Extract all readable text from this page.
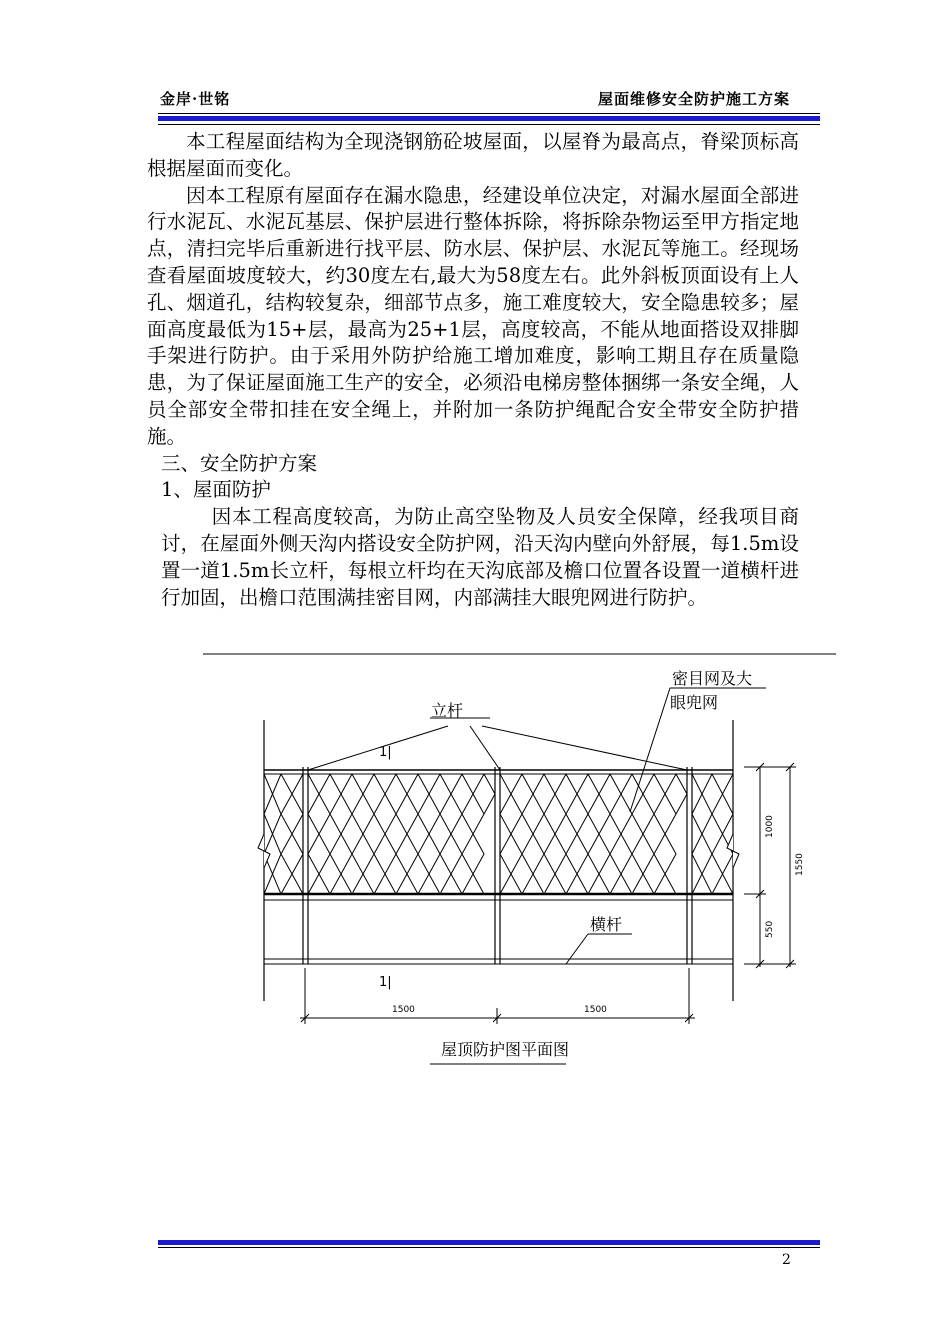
金岸·世铭	屋面维修安全防护施工方案

本工程屋面结构为全现浇钢筋砼坡屋面，以屋脊为最高点，脊梁顶标高根据屋面而变化。

因本工程原有屋面存在漏水隐患，经建设单位决定，对漏水屋面全部进行水泥瓦、水泥瓦基层、保护层进行整体拆除，将拆除杂物运至甲方指定地点，清扫完毕后重新进行找平层、防水层、保护层、水泥瓦等施工。经现场查看屋面坡度较大，约30度左右,最大为58度左右。此外斜板顶面设有上人孔、烟道孔，结构较复杂，细部节点多，施工难度较大，安全隐患较多；屋面高度最低为15+层，最高为25+1层，高度较高，不能从地面搭设双排脚手架进行防护。由于采用外防护给施工增加难度，影响工期且存在质量隐患，为了保证屋面施工生产的安全，必须沿电梯房整体捆绑一条安全绳，人员全部安全带扣挂在安全绳上，并附加一条防护绳配合安全带安全防护措施。

三、安全防护方案

1、屋面防护

因本工程高度较高，为防止高空坠物及人员安全保障，经我项目商讨，在屋面外侧天沟内搭设安全防护网，沿天沟内壁向外舒展，每1.5m设置一道1.5m长立杆，每根立杆均在天沟底部及檐口位置各设置一道横杆进行加固，出檐口范围满挂密目网，内部满挂大眼兜网进行防护。

密目网及大
眼兜网
立杆
横杆
1|
1|
1000
550
1550
1500	1500
屋顶防护图平面图
2
